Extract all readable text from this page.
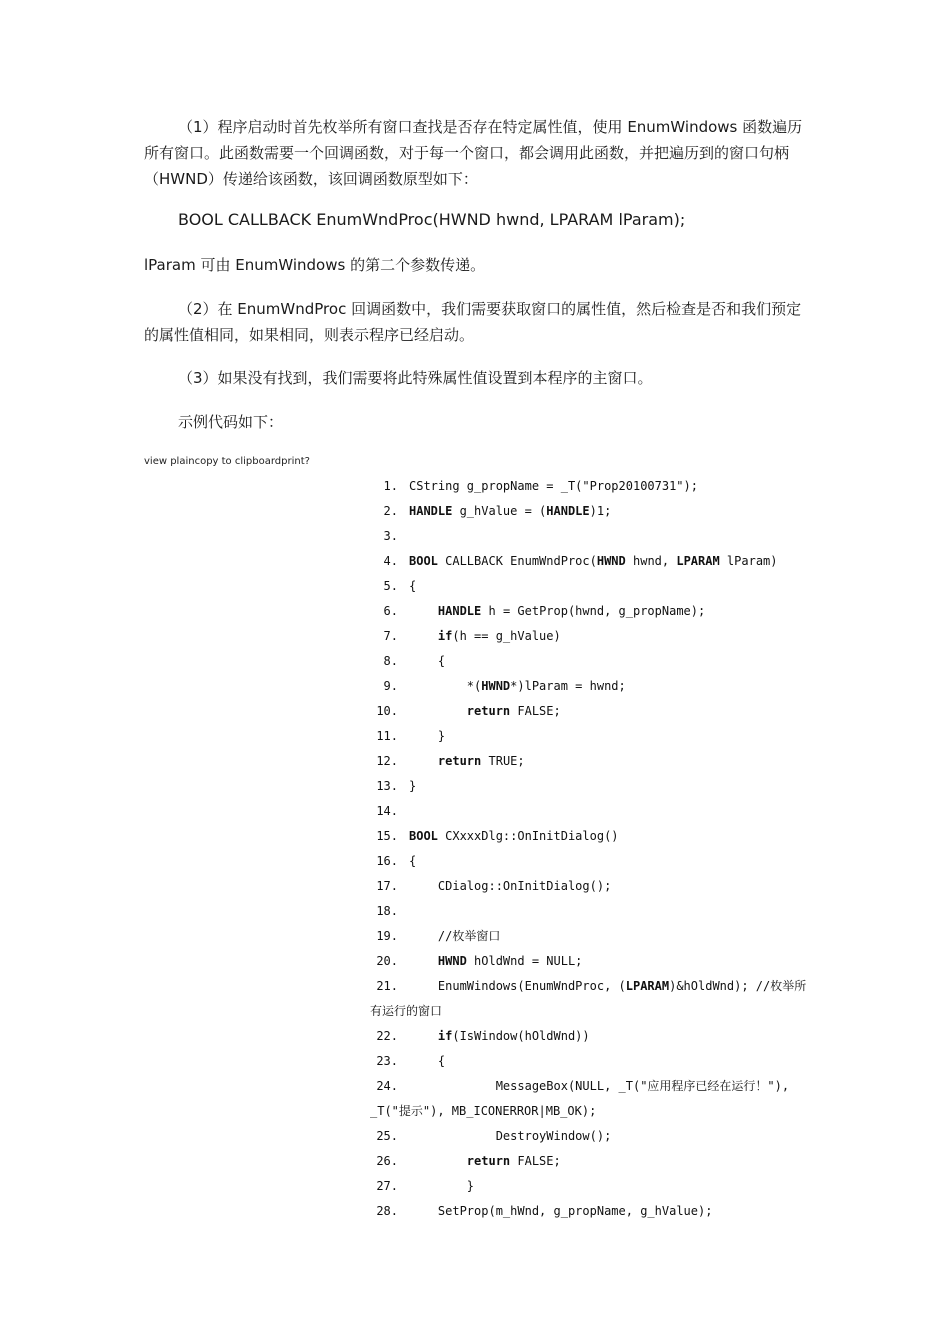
（1）程序启动时首先枚举所有窗口查找是否存在特定属性值，使用 EnumWindows 函数遍历所有窗口。此函数需要一个回调函数，对于每一个窗口，都会调用此函数，并把遍历到的窗口句柄（HWND）传递给该函数，该回调函数原型如下：

BOOL CALLBACK EnumWndProc(HWND hwnd, LPARAM lParam);

lParam 可由 EnumWindows 的第二个参数传递。

（2）在 EnumWndProc 回调函数中，我们需要获取窗口的属性值，然后检查是否和我们预定的属性值相同，如果相同，则表示程序已经启动。

（3）如果没有找到，我们需要将此特殊属性值设置到本程序的主窗口。

示例代码如下：

view plaincopy to clipboardprint?
1. CString g_propName = _T("Prop20100731");
2. HANDLE g_hValue = (HANDLE)1;
3.
4. BOOL CALLBACK EnumWndProc(HWND hwnd, LPARAM lParam)
5. {
6.	HANDLE h = GetProp(hwnd, g_propName);
7.	if(h == g_hValue)
8. {
9. *(HWND*)lParam = hwnd;
10.	return FALSE;
11. }
12.	return TRUE;
13. }
14.
15. BOOL CXxxxDlg::OnInitDialog()
16. {
17. CDialog::OnInitDialog();
18.
19. //枚举窗口
20.	HWND hOldWnd = NULL;
21. EnumWindows(EnumWndProc, (LPARAM)&hOldWnd); //枚举所有运行的窗口
22.	if(IsWindow(hOldWnd))
23. {
24. MessageBox(NULL, _T("应用程序已经在运行！"), _T("提示"), MB_ICONERROR|MB_OK);
25. DestroyWindow();
26.	return FALSE;
27. }
28. SetProp(m_hWnd, g_propName, g_hValue);
